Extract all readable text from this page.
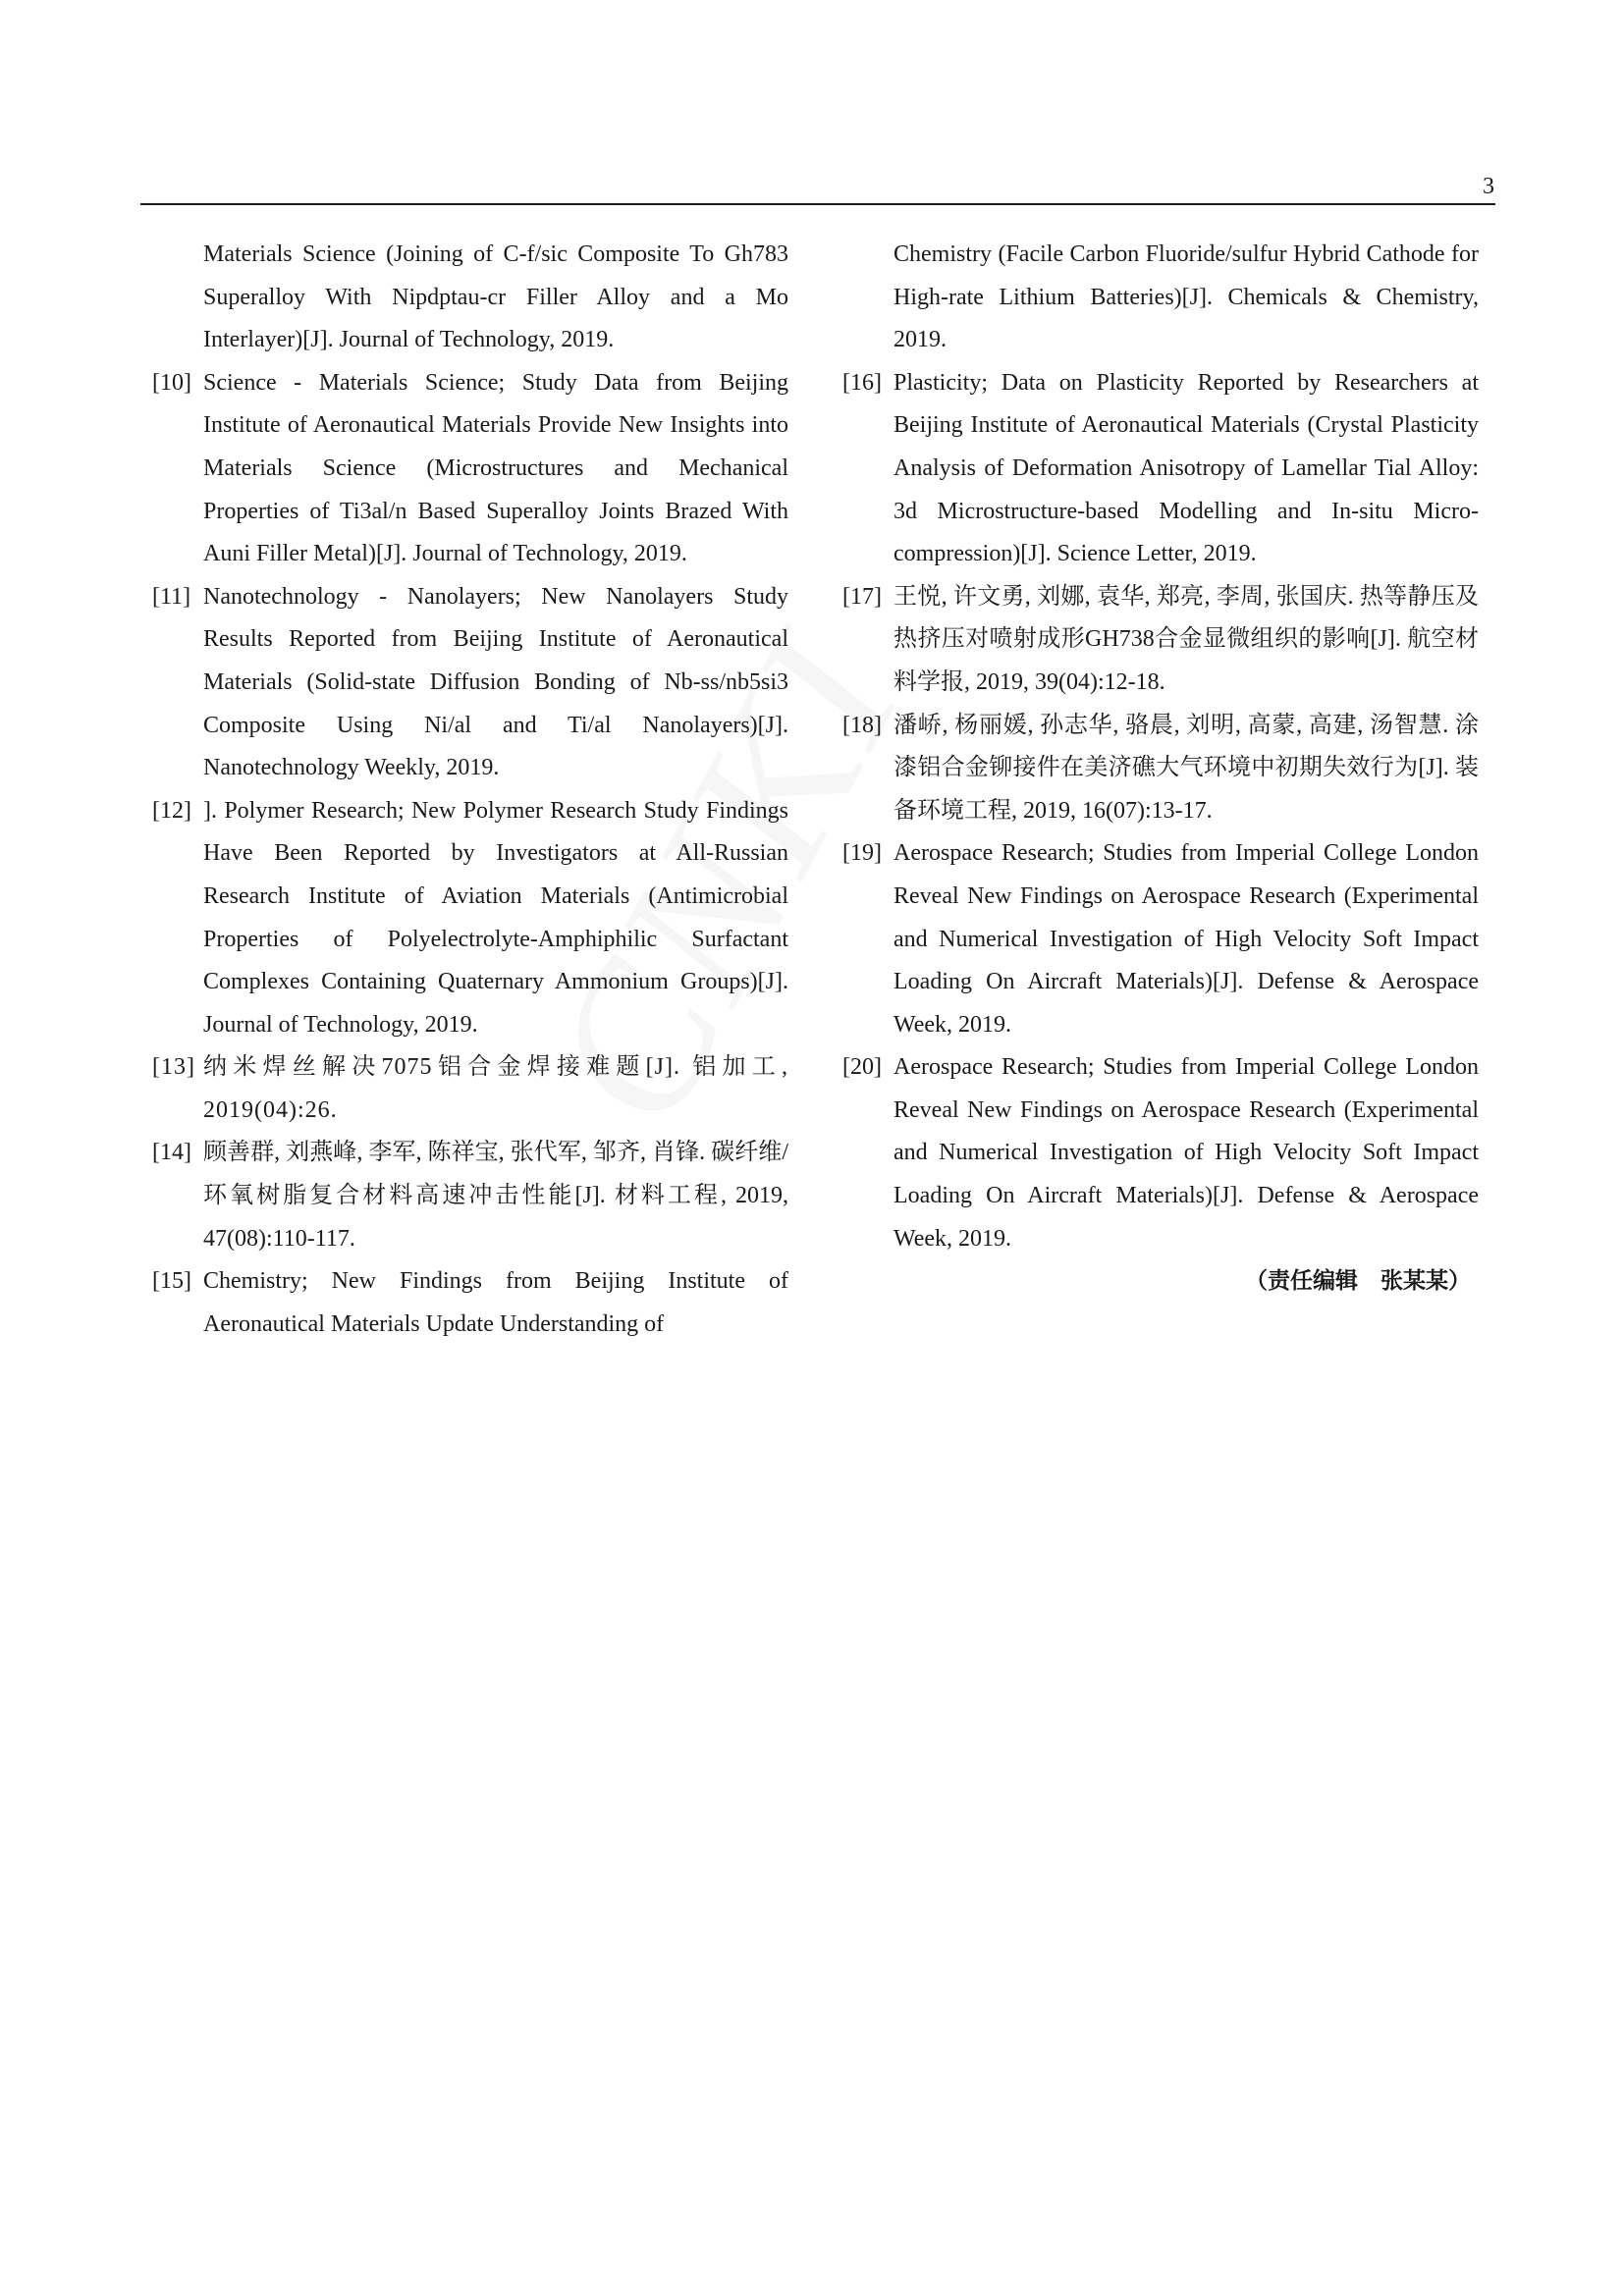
3
Materials Science (Joining of C-f/sic Composite To Gh783 Superalloy With Nipdptau-cr Filler Alloy and a Mo Interlayer)[J]. Journal of Technology, 2019.
[10] Science - Materials Science; Study Data from Beijing Institute of Aeronautical Materials Provide New Insights into Materials Science (Microstructures and Mechanical Properties of Ti3al/n Based Superalloy Joints Brazed With Auni Filler Metal)[J]. Journal of Technology, 2019.
[11] Nanotechnology - Nanolayers; New Nanolayers Study Results Reported from Beijing Institute of Aeronautical Materials (Solid-state Diffusion Bonding of Nb-ss/nb5si3 Composite Using Ni/al and Ti/al Nanolayers)[J]. Nanotechnology Weekly, 2019.
[12] ]. Polymer Research; New Polymer Research Study Findings Have Been Reported by Investigators at All-Russian Research Institute of Aviation Materials (Antimicrobial Properties of Polyelectrolyte-Amphiphilic Surfactant Complexes Containing Quaternary Ammonium Groups)[J]. Journal of Technology, 2019.
[13] 纳米焊丝解决7075铝合金焊接难题[J]. 铝加工, 2019(04):26.
[14] 顾善群, 刘燕峰, 李军, 陈祥宝, 张代军, 邹齐, 肖锋. 碳纤维/环氧树脂复合材料高速冲击性能[J]. 材料工程, 2019, 47(08):110-117.
[15] Chemistry; New Findings from Beijing Institute of Aeronautical Materials Update Understanding of
Chemistry (Facile Carbon Fluoride/sulfur Hybrid Cathode for High-rate Lithium Batteries)[J]. Chemicals & Chemistry, 2019.
[16] Plasticity; Data on Plasticity Reported by Researchers at Beijing Institute of Aeronautical Materials (Crystal Plasticity Analysis of Deformation Anisotropy of Lamellar Tial Alloy: 3d Microstructure-based Modelling and In-situ Micro-compression)[J]. Science Letter, 2019.
[17] 王悦, 许文勇, 刘娜, 袁华, 郑亮, 李周, 张国庆. 热等静压及热挤压对喷射成形GH738合金显微组织的影响[J]. 航空材料学报, 2019, 39(04):12-18.
[18] 潘峤, 杨丽媛, 孙志华, 骆晨, 刘明, 高蒙, 高建, 汤智慧. 涂漆铝合金铆接件在美济礁大气环境中初期失效行为[J]. 装备环境工程, 2019, 16(07):13-17.
[19] Aerospace Research; Studies from Imperial College London Reveal New Findings on Aerospace Research (Experimental and Numerical Investigation of High Velocity Soft Impact Loading On Aircraft Materials)[J]. Defense & Aerospace Week, 2019.
[20] Aerospace Research; Studies from Imperial College London Reveal New Findings on Aerospace Research (Experimental and Numerical Investigation of High Velocity Soft Impact Loading On Aircraft Materials)[J]. Defense & Aerospace Week, 2019.
（责任编辑　张某某）
